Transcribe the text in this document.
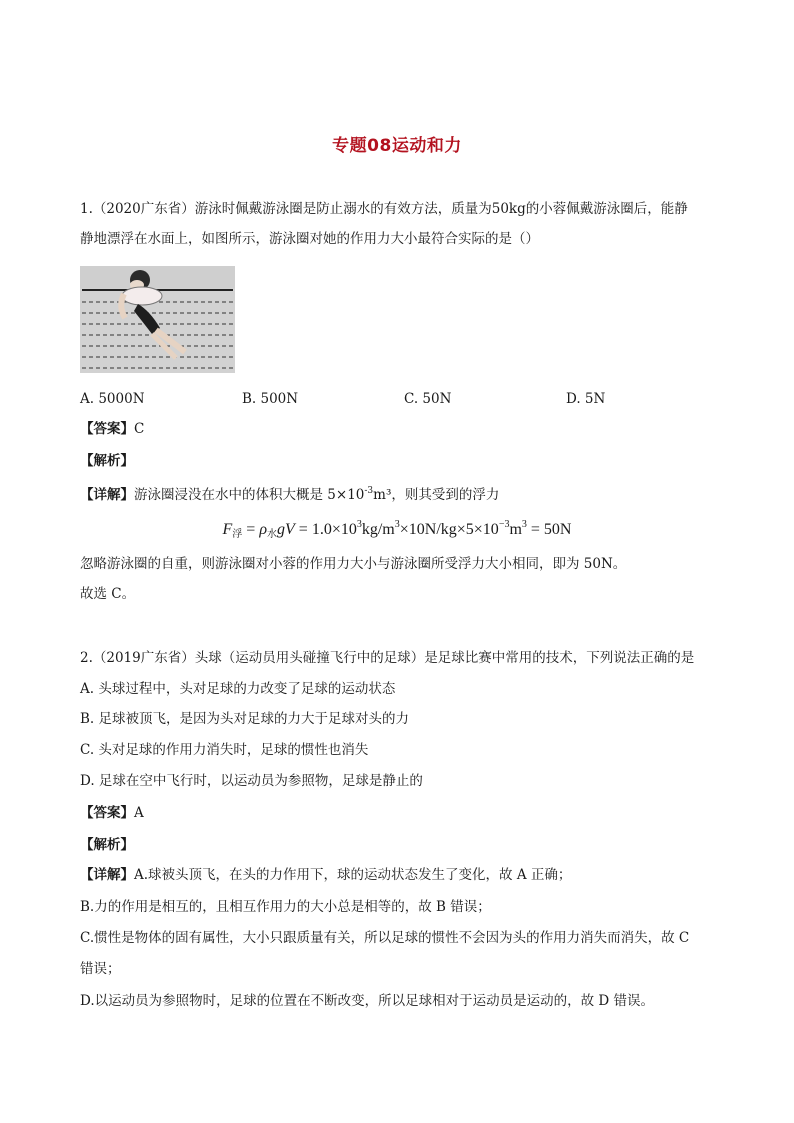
专题08运动和力
1.（2020广东省）游泳时佩戴游泳圈是防止溺水的有效方法，质量为50kg的小蓉佩戴游泳圈后，能静
静地漂浮在水面上，如图所示，游泳圈对她的作用力大小最符合实际的是（）
A. 5000N	B. 500N	C. 50N	D. 5N
【答案】C
【解析】
【详解】游泳圈浸没在水中的体积大概是 $5\times 10^{-3}m^3$，则其受到的浮力
$F_浮 = \rho_水gV = 1.0\times 10^3kg/m^3\times 10N/kg\times 5\times 10^{-3}m^3 = 50N$
忽略游泳圈的自重，则游泳圈对小蓉的作用力大小与游泳圈所受浮力大小相同，即为 50N。
故选 C。
2.（2019广东省）头球（运动员用头碰撞飞行中的足球）是足球比赛中常用的技术，下列说法正确的是
A. 头球过程中，头对足球的力改变了足球的运动状态
B. 足球被顶飞，是因为头对足球的力大于足球对头的力
C. 头对足球的作用力消失时，足球的惯性也消失
D. 足球在空中飞行时，以运动员为参照物，足球是静止的
【答案】A
【解析】
【详解】A.球被头顶飞，在头的力作用下，球的运动状态发生了变化，故 A 正确；
B.力的作用是相互的，且相互作用力的大小总是相等的，故 B 错误；
C.惯性是物体的固有属性，大小只跟质量有关，所以足球的惯性不会因为头的作用力消失而消失，故 C
错误；
D.以运动员为参照物时，足球的位置在不断改变，所以足球相对于运动员是运动的，故 D 错误。
